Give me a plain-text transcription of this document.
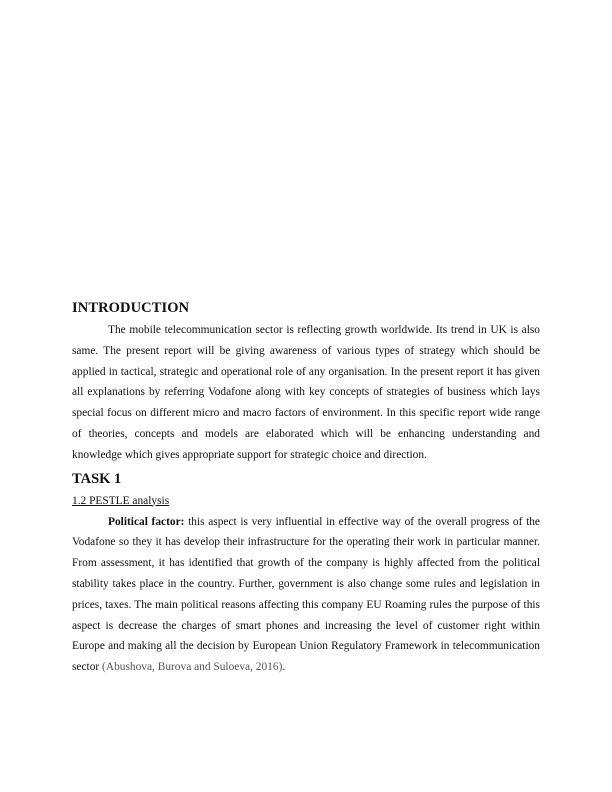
INTRODUCTION

The mobile telecommunication sector is reflecting growth worldwide. Its trend in UK is also same. The present report will be giving awareness of various types of strategy which should be applied in tactical, strategic and operational role of any organisation. In the present report it has given all explanations by referring Vodafone along with key concepts of strategies of business which lays special focus on different micro and macro factors of environment. In this specific report wide range of theories, concepts and models are elaborated which will be enhancing understanding and knowledge which gives appropriate support for strategic choice and direction.

TASK 1
1.2 PESTLE analysis

Political factor: this aspect is very influential in effective way of the overall progress of the Vodafone so they it has develop their infrastructure for the operating their work in particular manner. From assessment, it has identified that growth of the company is highly affected from the political stability takes place in the country. Further, government is also change some rules and legislation in prices, taxes. The main political reasons affecting this company EU Roaming rules the purpose of this aspect is decrease the charges of smart phones and increasing the level of customer right within Europe and making all the decision by European Union Regulatory Framework in telecommunication sector (Abushova, Burova and Suloeva, 2016).
